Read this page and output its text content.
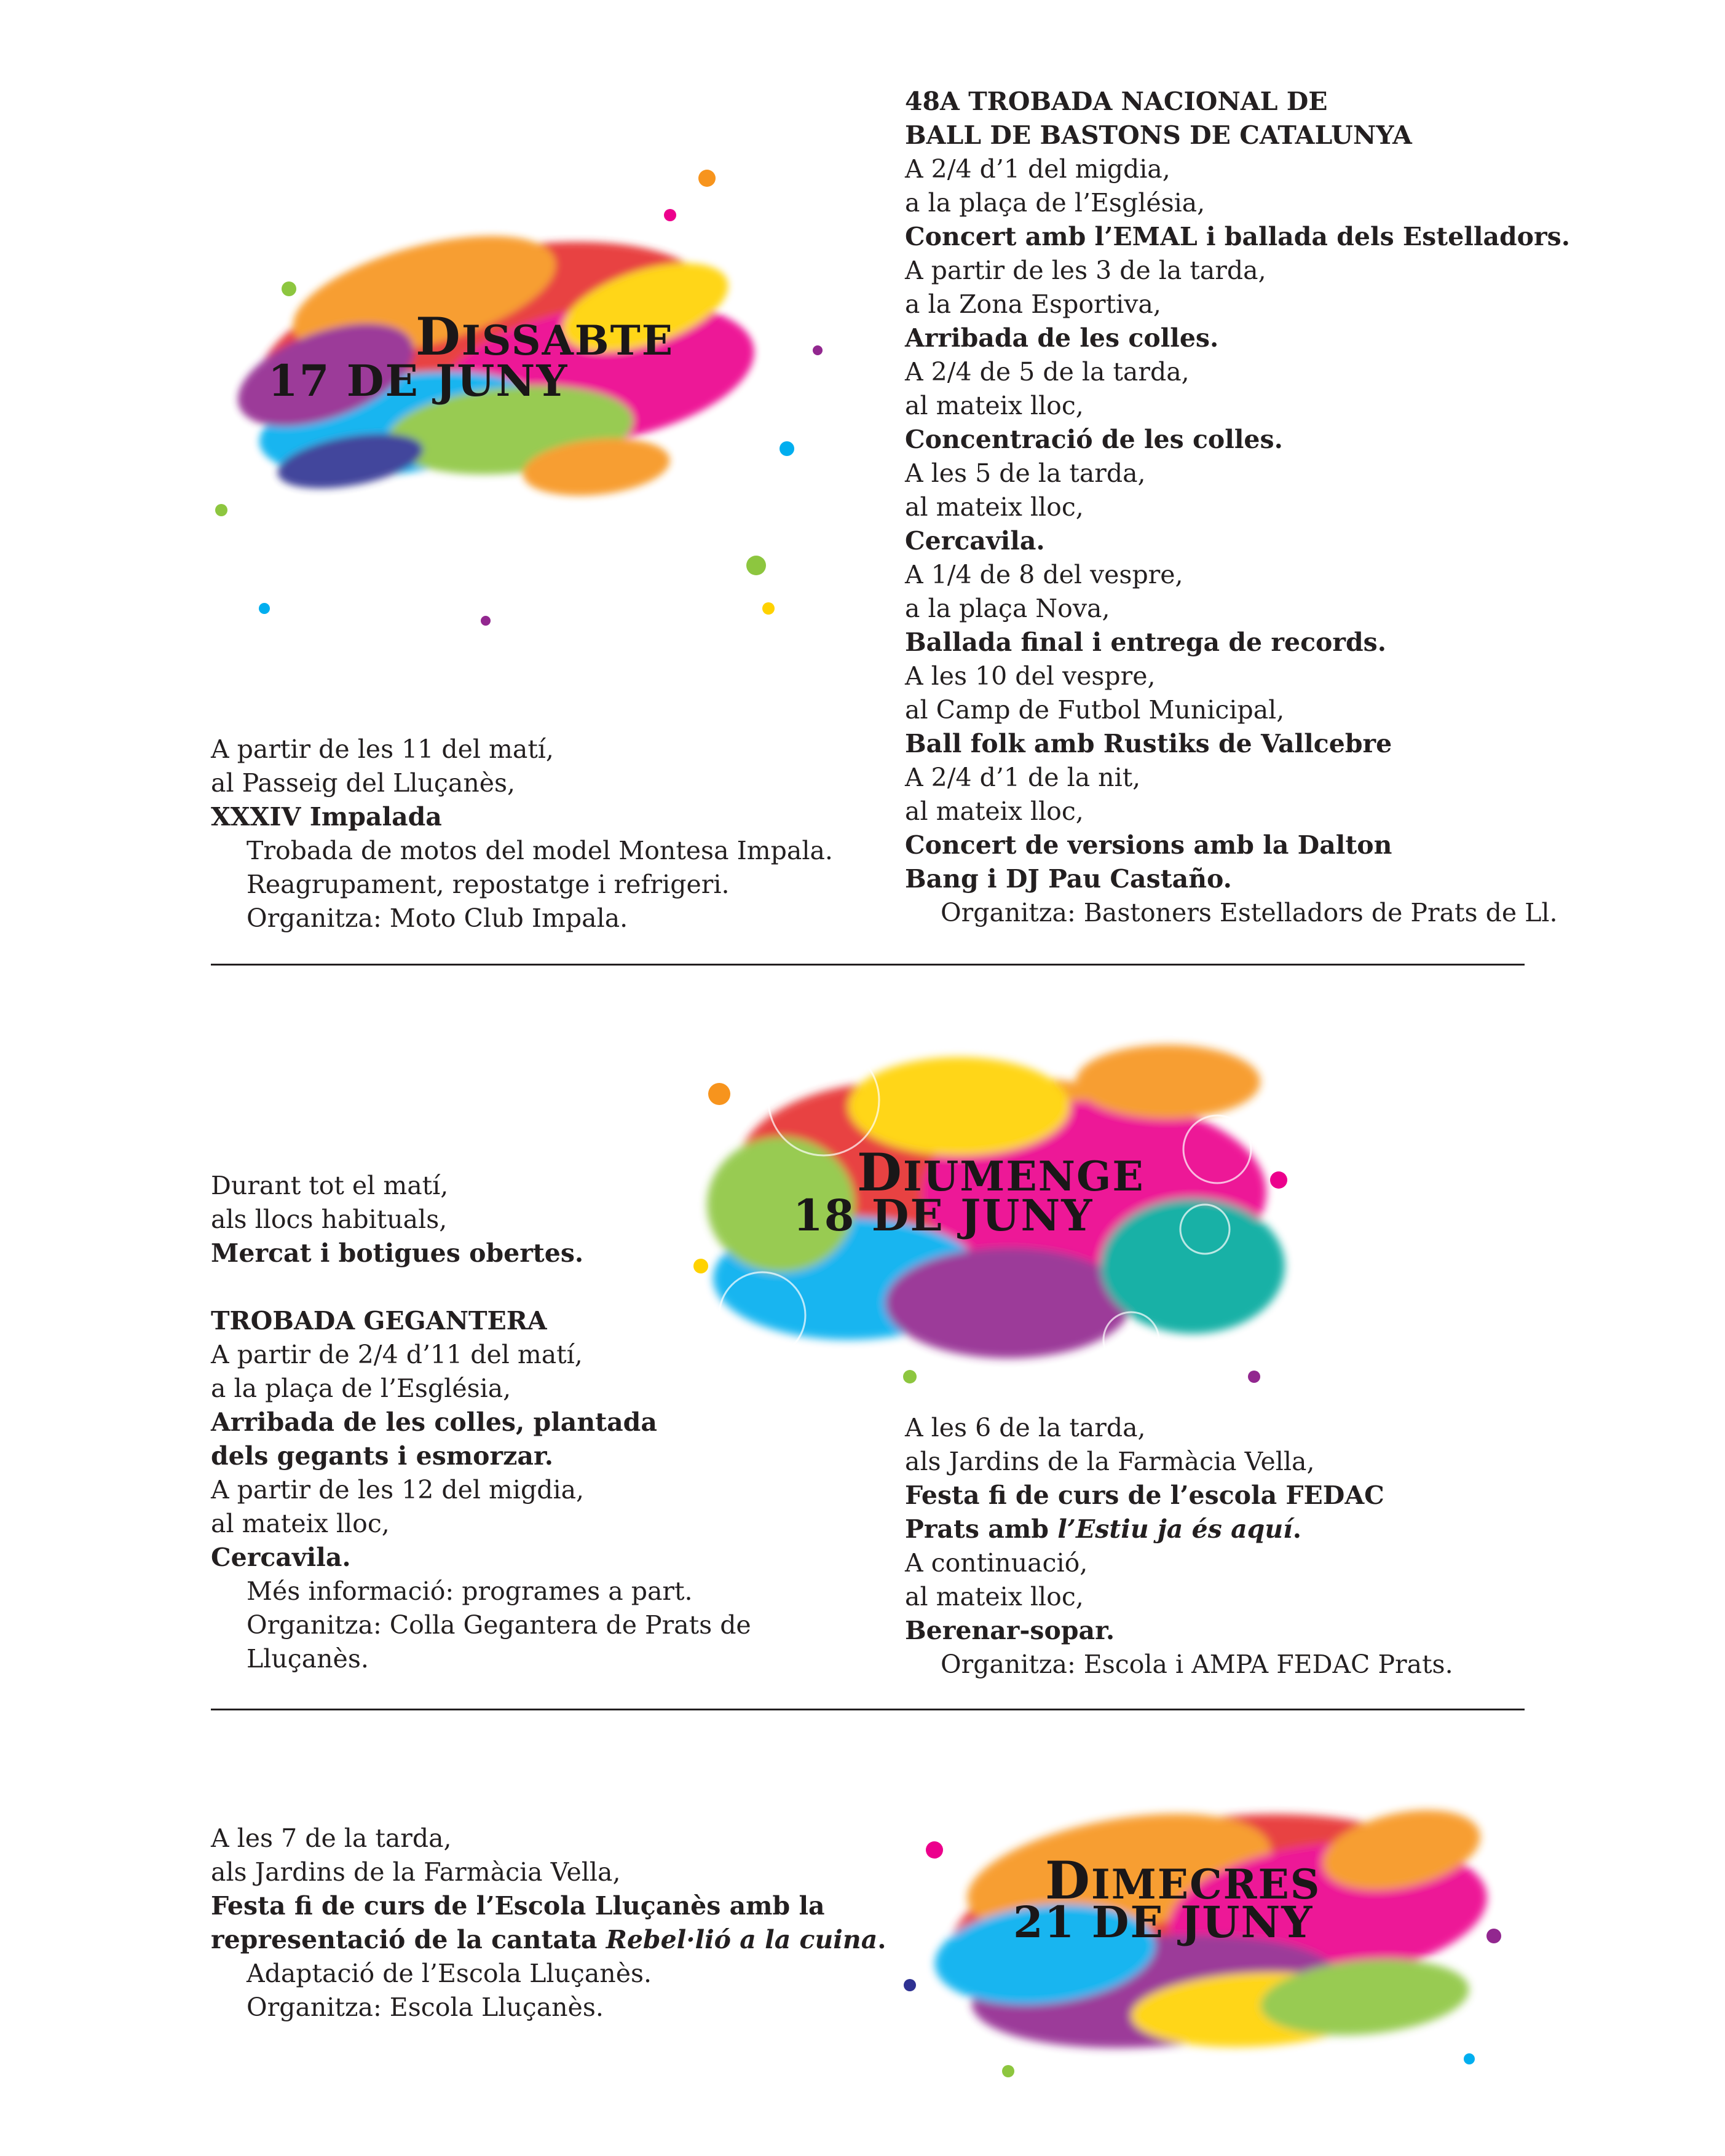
DISSABTE
17 DE JUNY
A partir de les 11 del matí,
al Passeig del Lluçanès,
XXXIV Impalada
Trobada de motos del model Montesa Impala.
Reagrupament, repostatge i refrigeri.
Organitza: Moto Club Impala.
48A TROBADA NACIONAL DE
BALL DE BASTONS DE CATALUNYA
A 2/4 d’1 del migdia,
a la plaça de l’Església,
Concert amb l’EMAL i ballada dels Estelladors.
A partir de les 3 de la tarda,
a la Zona Esportiva,
Arribada de les colles.
A 2/4 de 5 de la tarda,
al mateix lloc,
Concentració de les colles.
A les 5 de la tarda,
al mateix lloc,
Cercavila.
A 1/4 de 8 del vespre,
a la plaça Nova,
Ballada final i entrega de records.
A les 10 del vespre,
al Camp de Futbol Municipal,
Ball folk amb Rustiks de Vallcebre
A 2/4 d’1 de la nit,
al mateix lloc,
Concert de versions amb la Dalton
Bang i DJ Pau Castaño.
Organitza: Bastoners Estelladors de Prats de Ll.
DIUMENGE
18 DE JUNY
Durant tot el matí,
als llocs habituals,
Mercat i botigues obertes.
TROBADA GEGANTERA
A partir de 2/4 d’11 del matí,
a la plaça de l’Església,
Arribada de les colles, plantada
dels gegants i esmorzar.
A partir de les 12 del migdia,
al mateix lloc,
Cercavila.
Més informació: programes a part.
Organitza: Colla Gegantera de Prats de
Lluçanès.
A les 6 de la tarda,
als Jardins de la Farmàcia Vella,
Festa fi de curs de l’escola FEDAC
Prats amb l’Estiu ja és aquí.
A continuació,
al mateix lloc,
Berenar-sopar.
Organitza: Escola i AMPA FEDAC Prats.
DIMECRES
21 DE JUNY
A les 7 de la tarda,
als Jardins de la Farmàcia Vella,
Festa fi de curs de l’Escola Lluçanès amb la
representació de la cantata Rebel·lió a la cuina.
Adaptació de l’Escola Lluçanès.
Organitza: Escola Lluçanès.
